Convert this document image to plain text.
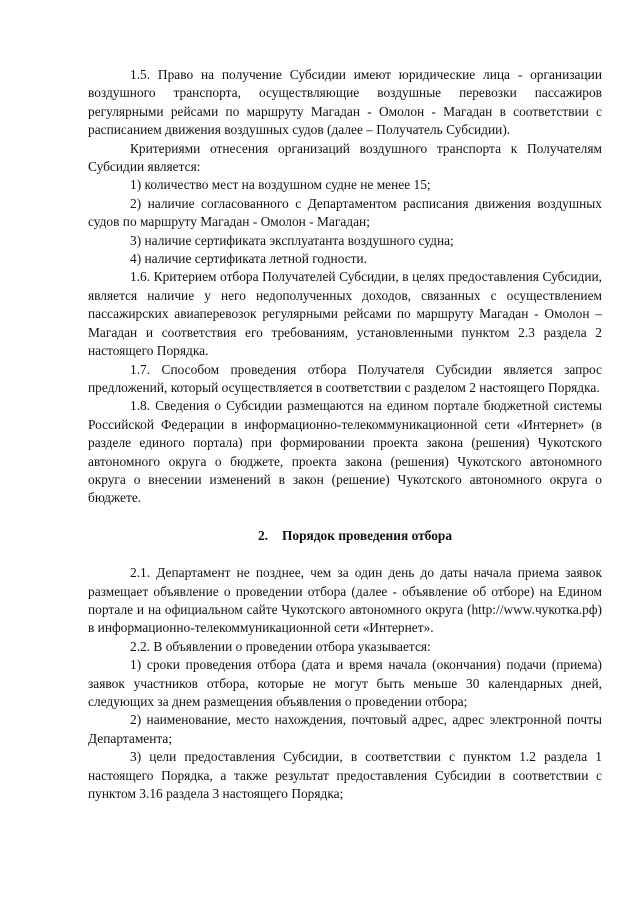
1.5. Право на получение Субсидии имеют юридические лица - организации воздушного транспорта, осуществляющие воздушные перевозки пассажиров регулярными рейсами по маршруту Магадан - Омолон - Магадан в соответствии с расписанием движения воздушных судов (далее – Получатель Субсидии).

Критериями отнесения организаций воздушного транспорта к Получателям Субсидии является:

1) количество мест на воздушном судне не менее 15;

2) наличие согласованного с Департаментом расписания движения воздушных судов по маршруту Магадан - Омолон - Магадан;

3) наличие сертификата эксплуатанта воздушного судна;

4) наличие сертификата летной годности.

1.6. Критерием отбора Получателей Субсидии, в целях предоставления Субсидии, является наличие у него недополученных доходов, связанных с осуществлением пассажирских авиаперевозок регулярными рейсами по маршруту Магадан - Омолон – Магадан и соответствия его требованиям, установленными пунктом 2.3 раздела 2 настоящего Порядка.

1.7. Способом проведения отбора Получателя Субсидии является запрос предложений, который осуществляется в соответствии с разделом 2 настоящего Порядка.

1.8. Сведения о Субсидии размещаются на едином портале бюджетной системы Российской Федерации в информационно-телекоммуникационной сети «Интернет» (в разделе единого портала) при формировании проекта закона (решения) Чукотского автономного округа о бюджете, проекта закона (решения) Чукотского автономного округа о внесении изменений в закон (решение) Чукотского автономного округа о бюджете.

2. Порядок проведения отбора

2.1. Департамент не позднее, чем за один день до даты начала приема заявок размещает объявление о проведении отбора (далее - объявление об отборе) на Едином портале и на официальном сайте Чукотского автономного округа (http://www.чукотка.рф) в информационно-телекоммуникационной сети «Интернет».

2.2. В объявлении о проведении отбора указывается:

1) сроки проведения отбора (дата и время начала (окончания) подачи (приема) заявок участников отбора, которые не могут быть меньше 30 календарных дней, следующих за днем размещения объявления о проведении отбора;

2) наименование, место нахождения, почтовый адрес, адрес электронной почты Департамента;

3) цели предоставления Субсидии, в соответствии с пунктом 1.2 раздела 1 настоящего Порядка, а также результат предоставления Субсидии в соответствии с пунктом 3.16 раздела 3 настоящего Порядка;
